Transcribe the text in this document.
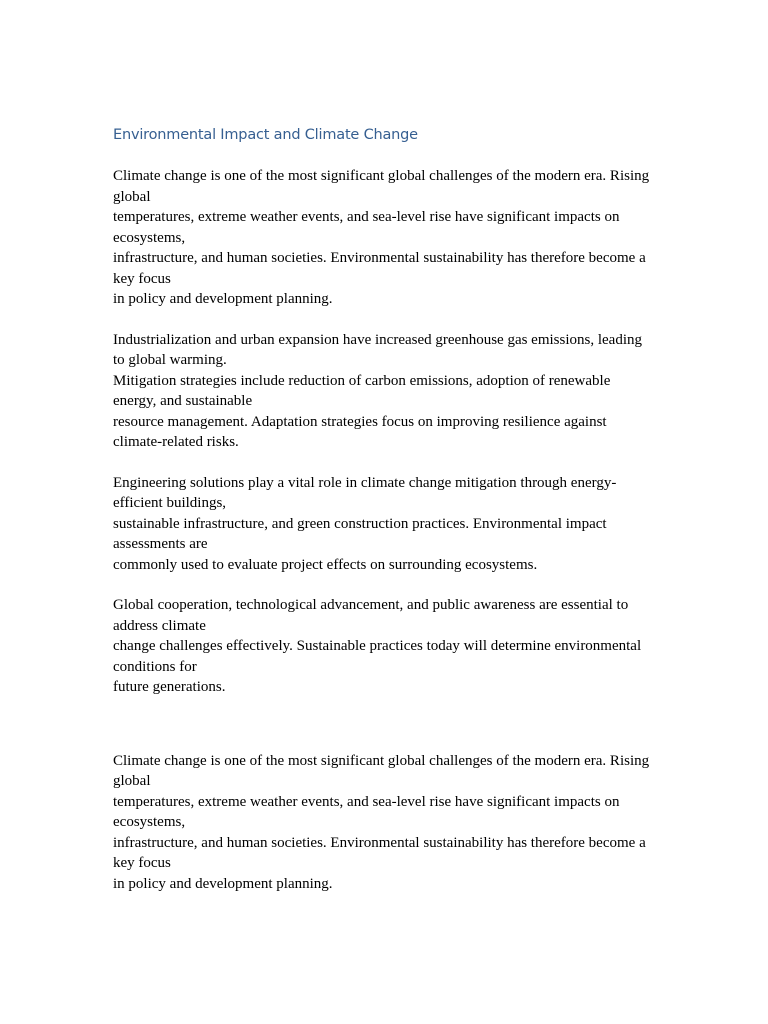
Environmental Impact and Climate Change
Climate change is one of the most significant global challenges of the modern era. Rising
global
temperatures, extreme weather events, and sea-level rise have significant impacts on
ecosystems,
infrastructure, and human societies. Environmental sustainability has therefore become a
key focus
in policy and development planning.
Industrialization and urban expansion have increased greenhouse gas emissions, leading
to global warming.
Mitigation strategies include reduction of carbon emissions, adoption of renewable
energy, and sustainable
resource management. Adaptation strategies focus on improving resilience against
climate-related risks.
Engineering solutions play a vital role in climate change mitigation through energy-
efficient buildings,
sustainable infrastructure, and green construction practices. Environmental impact
assessments are
commonly used to evaluate project effects on surrounding ecosystems.
Global cooperation, technological advancement, and public awareness are essential to
address climate
change challenges effectively. Sustainable practices today will determine environmental
conditions for
future generations.
Climate change is one of the most significant global challenges of the modern era. Rising
global
temperatures, extreme weather events, and sea-level rise have significant impacts on
ecosystems,
infrastructure, and human societies. Environmental sustainability has therefore become a
key focus
in policy and development planning.
